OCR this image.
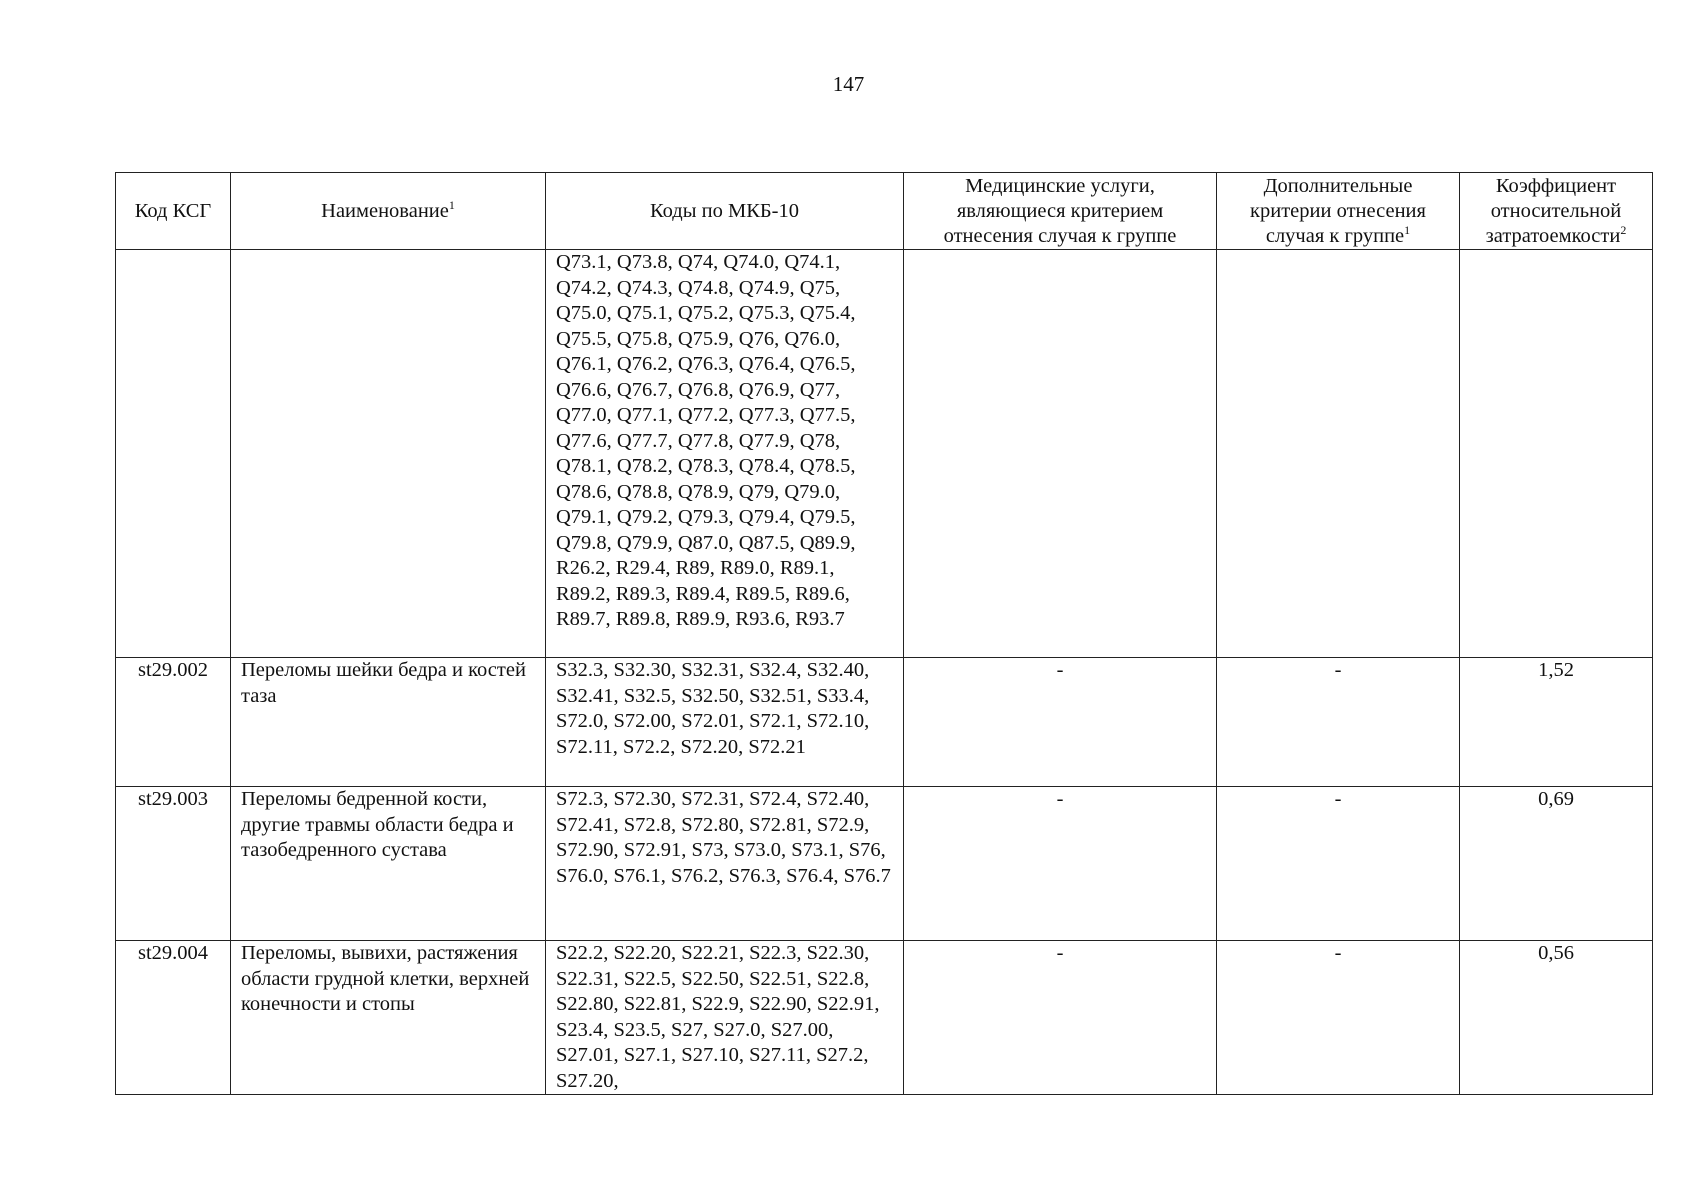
147
Код КСГ	Наименование$^1$	Коды по МКБ-10	Медицинские услуги, являющиеся критерием отнесения случая к группе	Дополнительные критерии отнесения случая к группе$^1$	Коэффициент относительной затратоемкости$^2$
		Q73.1, Q73.8, Q74, Q74.0, Q74.1, Q74.2, Q74.3, Q74.8, Q74.9, Q75, Q75.0, Q75.1, Q75.2, Q75.3, Q75.4, Q75.5, Q75.8, Q75.9, Q76, Q76.0, Q76.1, Q76.2, Q76.3, Q76.4, Q76.5, Q76.6, Q76.7, Q76.8, Q76.9, Q77, Q77.0, Q77.1, Q77.2, Q77.3, Q77.5, Q77.6, Q77.7, Q77.8, Q77.9, Q78, Q78.1, Q78.2, Q78.3, Q78.4, Q78.5, Q78.6, Q78.8, Q78.9, Q79, Q79.0, Q79.1, Q79.2, Q79.3, Q79.4, Q79.5, Q79.8, Q79.9, Q87.0, Q87.5, Q89.9, R26.2, R29.4, R89, R89.0, R89.1, R89.2, R89.3, R89.4, R89.5, R89.6, R89.7, R89.8, R89.9, R93.6, R93.7			
st29.002	Переломы шейки бедра и костей таза	S32.3, S32.30, S32.31, S32.4, S32.40, S32.41, S32.5, S32.50, S32.51, S33.4, S72.0, S72.00, S72.01, S72.1, S72.10, S72.11, S72.2, S72.20, S72.21	-	-	1,52
st29.003	Переломы бедренной кости, другие травмы области бедра и тазобедренного сустава	S72.3, S72.30, S72.31, S72.4, S72.40, S72.41, S72.8, S72.80, S72.81, S72.9, S72.90, S72.91, S73, S73.0, S73.1, S76, S76.0, S76.1, S76.2, S76.3, S76.4, S76.7	-	-	0,69
st29.004	Переломы, вывихи, растяжения области грудной клетки, верхней конечности и стопы	S22.2, S22.20, S22.21, S22.3, S22.30, S22.31, S22.5, S22.50, S22.51, S22.8, S22.80, S22.81, S22.9, S22.90, S22.91, S23.4, S23.5, S27, S27.0, S27.00, S27.01, S27.1, S27.10, S27.11, S27.2, S27.20,	-	-	0,56
